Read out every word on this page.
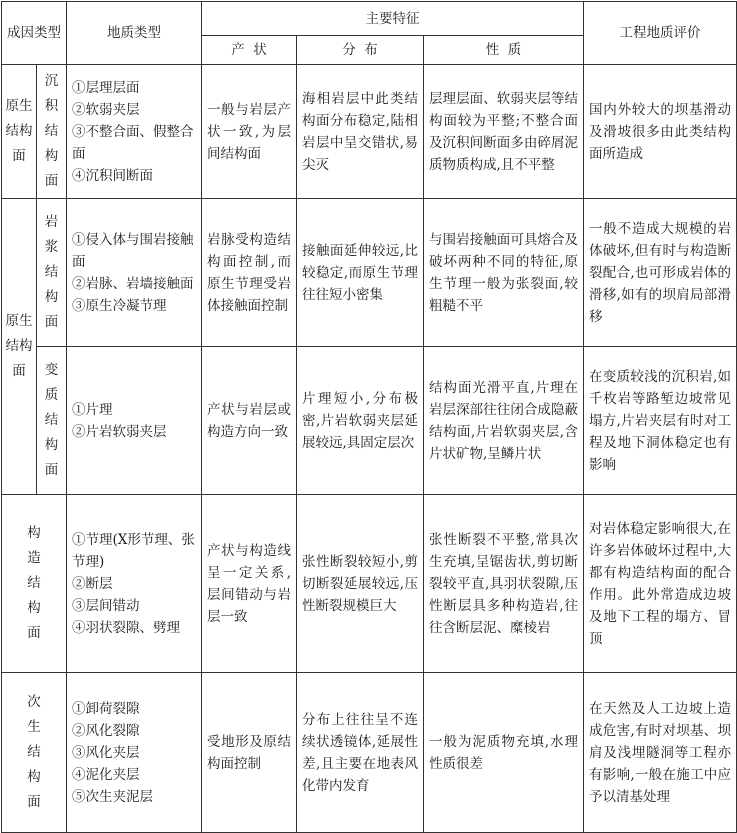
成因类型		地质类型	主要特征			工程地质评价
			产  状	分  布	性  质	
原生结构面	沉积结构面	①层理层面
②软弱夹层
③不整合面、假整合面
④沉积间断面	一般与岩层产状一致,为层间结构面	海相岩层中此类结构面分布稳定,陆相岩层中呈交错状,易尖灭	层理层面、软弱夹层等结构面较为平整;不整合面及沉积间断面多由碎屑泥质物质构成,且不平整	国内外较大的坝基滑动及滑坡很多由此类结构面所造成
原生结构面	岩浆结构面	①侵入体与围岩接触面
②岩脉、岩墙接触面
③原生冷凝节理	岩脉受构造结构面控制,而原生节理受岩体接触面控制	接触面延伸较远,比较稳定,而原生节理往往短小密集	与围岩接触面可具熔合及破坏两种不同的特征,原生节理一般为张裂面,较粗糙不平	一般不造成大规模的岩体破坏,但有时与构造断裂配合,也可形成岩体的滑移,如有的坝肩局部滑移
	变质结构面	①片理
②片岩软弱夹层	产状与岩层或构造方向一致	片理短小,分布极密,片岩软弱夹层延展较远,具固定层次	结构面光滑平直,片理在岩层深部往往闭合成隐蔽结构面,片岩软弱夹层,含片状矿物,呈鳞片状	在变质较浅的沉积岩,如千枚岩等路堑边坡常见塌方,片岩夹层有时对工程及地下洞体稳定也有影响
构造结构面		①节理(X形节理、张节理)
②断层
③层间错动
④羽状裂隙、劈理	产状与构造线呈一定关系,层间错动与岩层一致	张性断裂较短小,剪切断裂延展较远,压性断裂规模巨大	张性断裂不平整,常具次生充填,呈锯齿状,剪切断裂较平直,具羽状裂隙,压性断层具多种构造岩,往往含断层泥、糜棱岩	对岩体稳定影响很大,在许多岩体破坏过程中,大都有构造结构面的配合作用。此外常造成边坡及地下工程的塌方、冒顶
次生结构面		①卸荷裂隙
②风化裂隙
③风化夹层
④泥化夹层
⑤次生夹泥层	受地形及原结构面控制	分布上往往呈不连续状透镜体,延展性差,且主要在地表风化带内发育	一般为泥质物充填,水理性质很差	在天然及人工边坡上造成危害,有时对坝基、坝肩及浅埋隧洞等工程亦有影响,一般在施工中应予以清基处理
